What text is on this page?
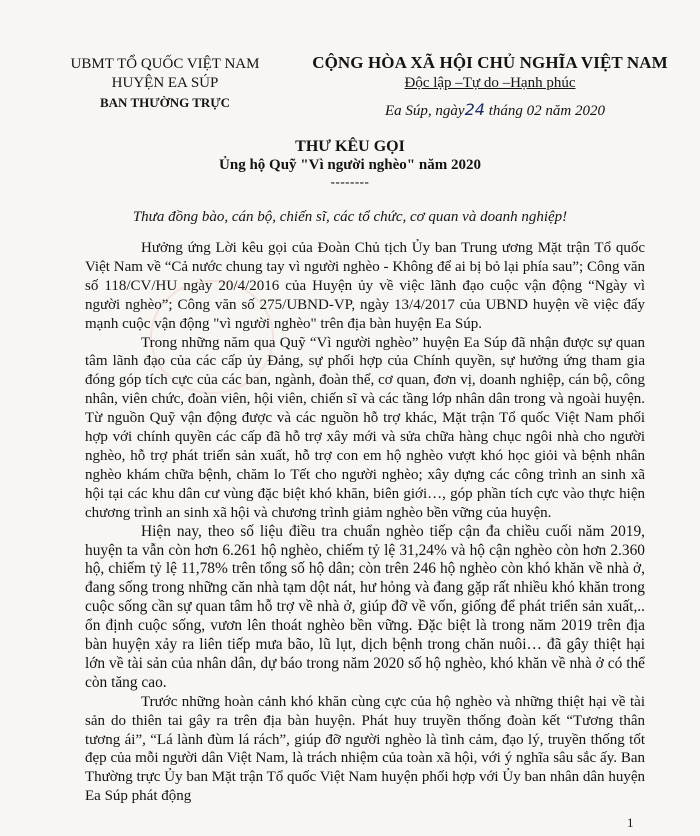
UBMT TỔ QUỐC VIỆT NAM
HUYỆN EA SÚP
BAN THƯỜNG TRỰC
CỘNG HÒA XÃ HỘI CHỦ NGHĨA VIỆT NAM
Độc lập –Tự do –Hạnh phúc
Ea Súp, ngày24 tháng 02 năm 2020
THƯ KÊU GỌI
Ủng hộ Quỹ "Vì người nghèo" năm 2020
--------
Thưa đồng bào, cán bộ, chiến sĩ, các tổ chức, cơ quan và doanh nghiệp!

Hưởng ứng Lời kêu gọi của Đoàn Chủ tịch Ủy ban Trung ương Mặt trận Tổ quốc Việt Nam về “Cả nước chung tay vì người nghèo - Không để ai bị bỏ lại phía sau”; Công văn số 118/CV/HU ngày 20/4/2016 của Huyện ủy về việc lãnh đạo cuộc vận động “Ngày vì người nghèo”; Công văn số 275/UBND-VP, ngày 13/4/2017 của UBND huyện về việc đẩy mạnh cuộc vận động "vì người nghèo" trên địa bàn huyện Ea Súp.

Trong những năm qua Quỹ “Vì người nghèo” huyện Ea Súp đã nhận được sự quan tâm lãnh đạo của các cấp ủy Đảng, sự phối hợp của Chính quyền, sự hưởng ứng tham gia đóng góp tích cực của các ban, ngành, đoàn thể, cơ quan, đơn vị, doanh nghiệp, cán bộ, công nhân, viên chức, đoàn viên, hội viên, chiến sĩ và các tầng lớp nhân dân trong và ngoài huyện. Từ nguồn Quỹ vận động được và các nguồn hỗ trợ khác, Mặt trận Tổ quốc Việt Nam phối hợp với chính quyền các cấp đã hỗ trợ xây mới và sửa chữa hàng chục ngôi nhà cho người nghèo, hỗ trợ phát triển sản xuất, hỗ trợ con em hộ nghèo vượt khó học giỏi và bệnh nhân nghèo khám chữa bệnh, chăm lo Tết cho người nghèo; xây dựng các công trình an sinh xã hội tại các khu dân cư vùng đặc biệt khó khăn, biên giới…, góp phần tích cực vào thực hiện chương trình an sinh xã hội và chương trình giảm nghèo bền vững của huyện.

Hiện nay, theo số liệu điều tra chuẩn nghèo tiếp cận đa chiều cuối năm 2019, huyện ta vẫn còn hơn 6.261 hộ nghèo, chiếm tỷ lệ 31,24% và hộ cận nghèo còn hơn 2.360 hộ, chiếm tỷ lệ 11,78% trên tổng số hộ dân; còn trên 246 hộ nghèo còn khó khăn về nhà ở, đang sống trong những căn nhà tạm dột nát, hư hỏng và đang gặp rất nhiều khó khăn trong cuộc sống cần sự quan tâm hỗ trợ về nhà ở, giúp đỡ về vốn, giống để phát triển sản xuất,.. ổn định cuộc sống, vươn lên thoát nghèo bền vững. Đặc biệt là trong năm 2019 trên địa bàn huyện xảy ra liên tiếp mưa bão, lũ lụt, dịch bệnh trong chăn nuôi… đã gây thiệt hại lớn về tài sản của nhân dân, dự báo trong năm 2020 số hộ nghèo, khó khăn về nhà ở có thể còn tăng cao.

Trước những hoàn cảnh khó khăn cùng cực của hộ nghèo và những thiệt hại về tài sản do thiên tai gây ra trên địa bàn huyện. Phát huy truyền thống đoàn kết “Tương thân tương ái”, “Lá lành đùm lá rách”, giúp đỡ người nghèo là tình cảm, đạo lý, truyền thống tốt đẹp của mỗi người dân Việt Nam, là trách nhiệm của toàn xã hội, với ý nghĩa sâu sắc ấy. Ban Thường trực Ủy ban Mặt trận Tổ quốc Việt Nam huyện phối hợp với Ủy ban nhân dân huyện Ea Súp phát động

1
